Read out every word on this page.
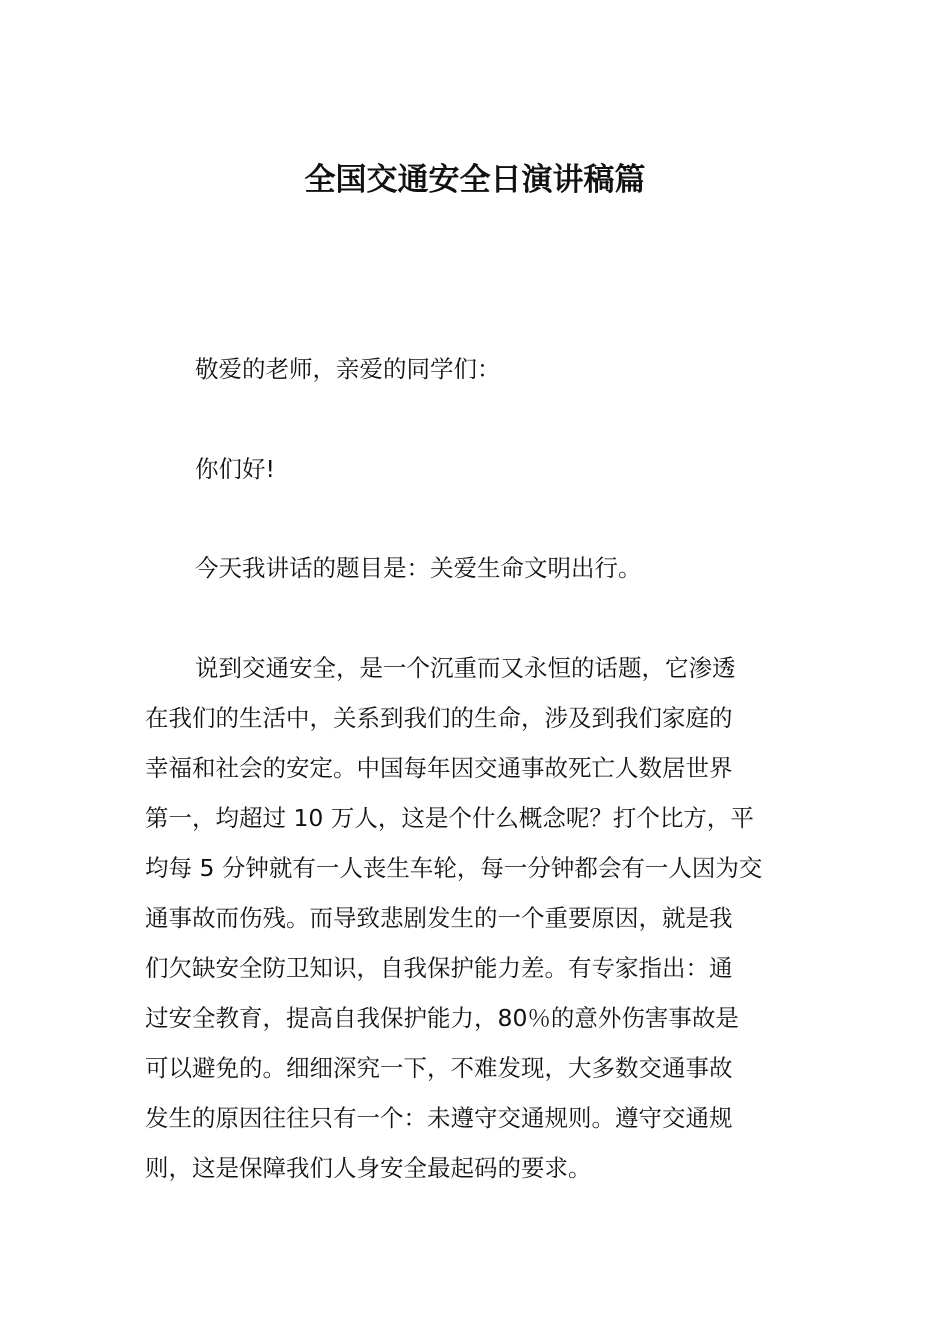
全国交通安全日演讲稿篇

敬爱的老师，亲爱的同学们：

你们好!

今天我讲话的题目是：关爱生命文明出行。

说到交通安全，是一个沉重而又永恒的话题，它渗透
在我们的生活中，关系到我们的生命，涉及到我们家庭的
幸福和社会的安定。中国每年因交通事故死亡人数居世界
第一，均超过 10 万人，这是个什么概念呢？打个比方，平
均每 5 分钟就有一人丧生车轮，每一分钟都会有一人因为交
通事故而伤残。而导致悲剧发生的一个重要原因，就是我
们欠缺安全防卫知识，自我保护能力差。有专家指出：通
过安全教育，提高自我保护能力，80％的意外伤害事故是
可以避免的。细细深究一下，不难发现，大多数交通事故
发生的原因往往只有一个：未遵守交通规则。遵守交通规
则，这是保障我们人身安全最起码的要求。
